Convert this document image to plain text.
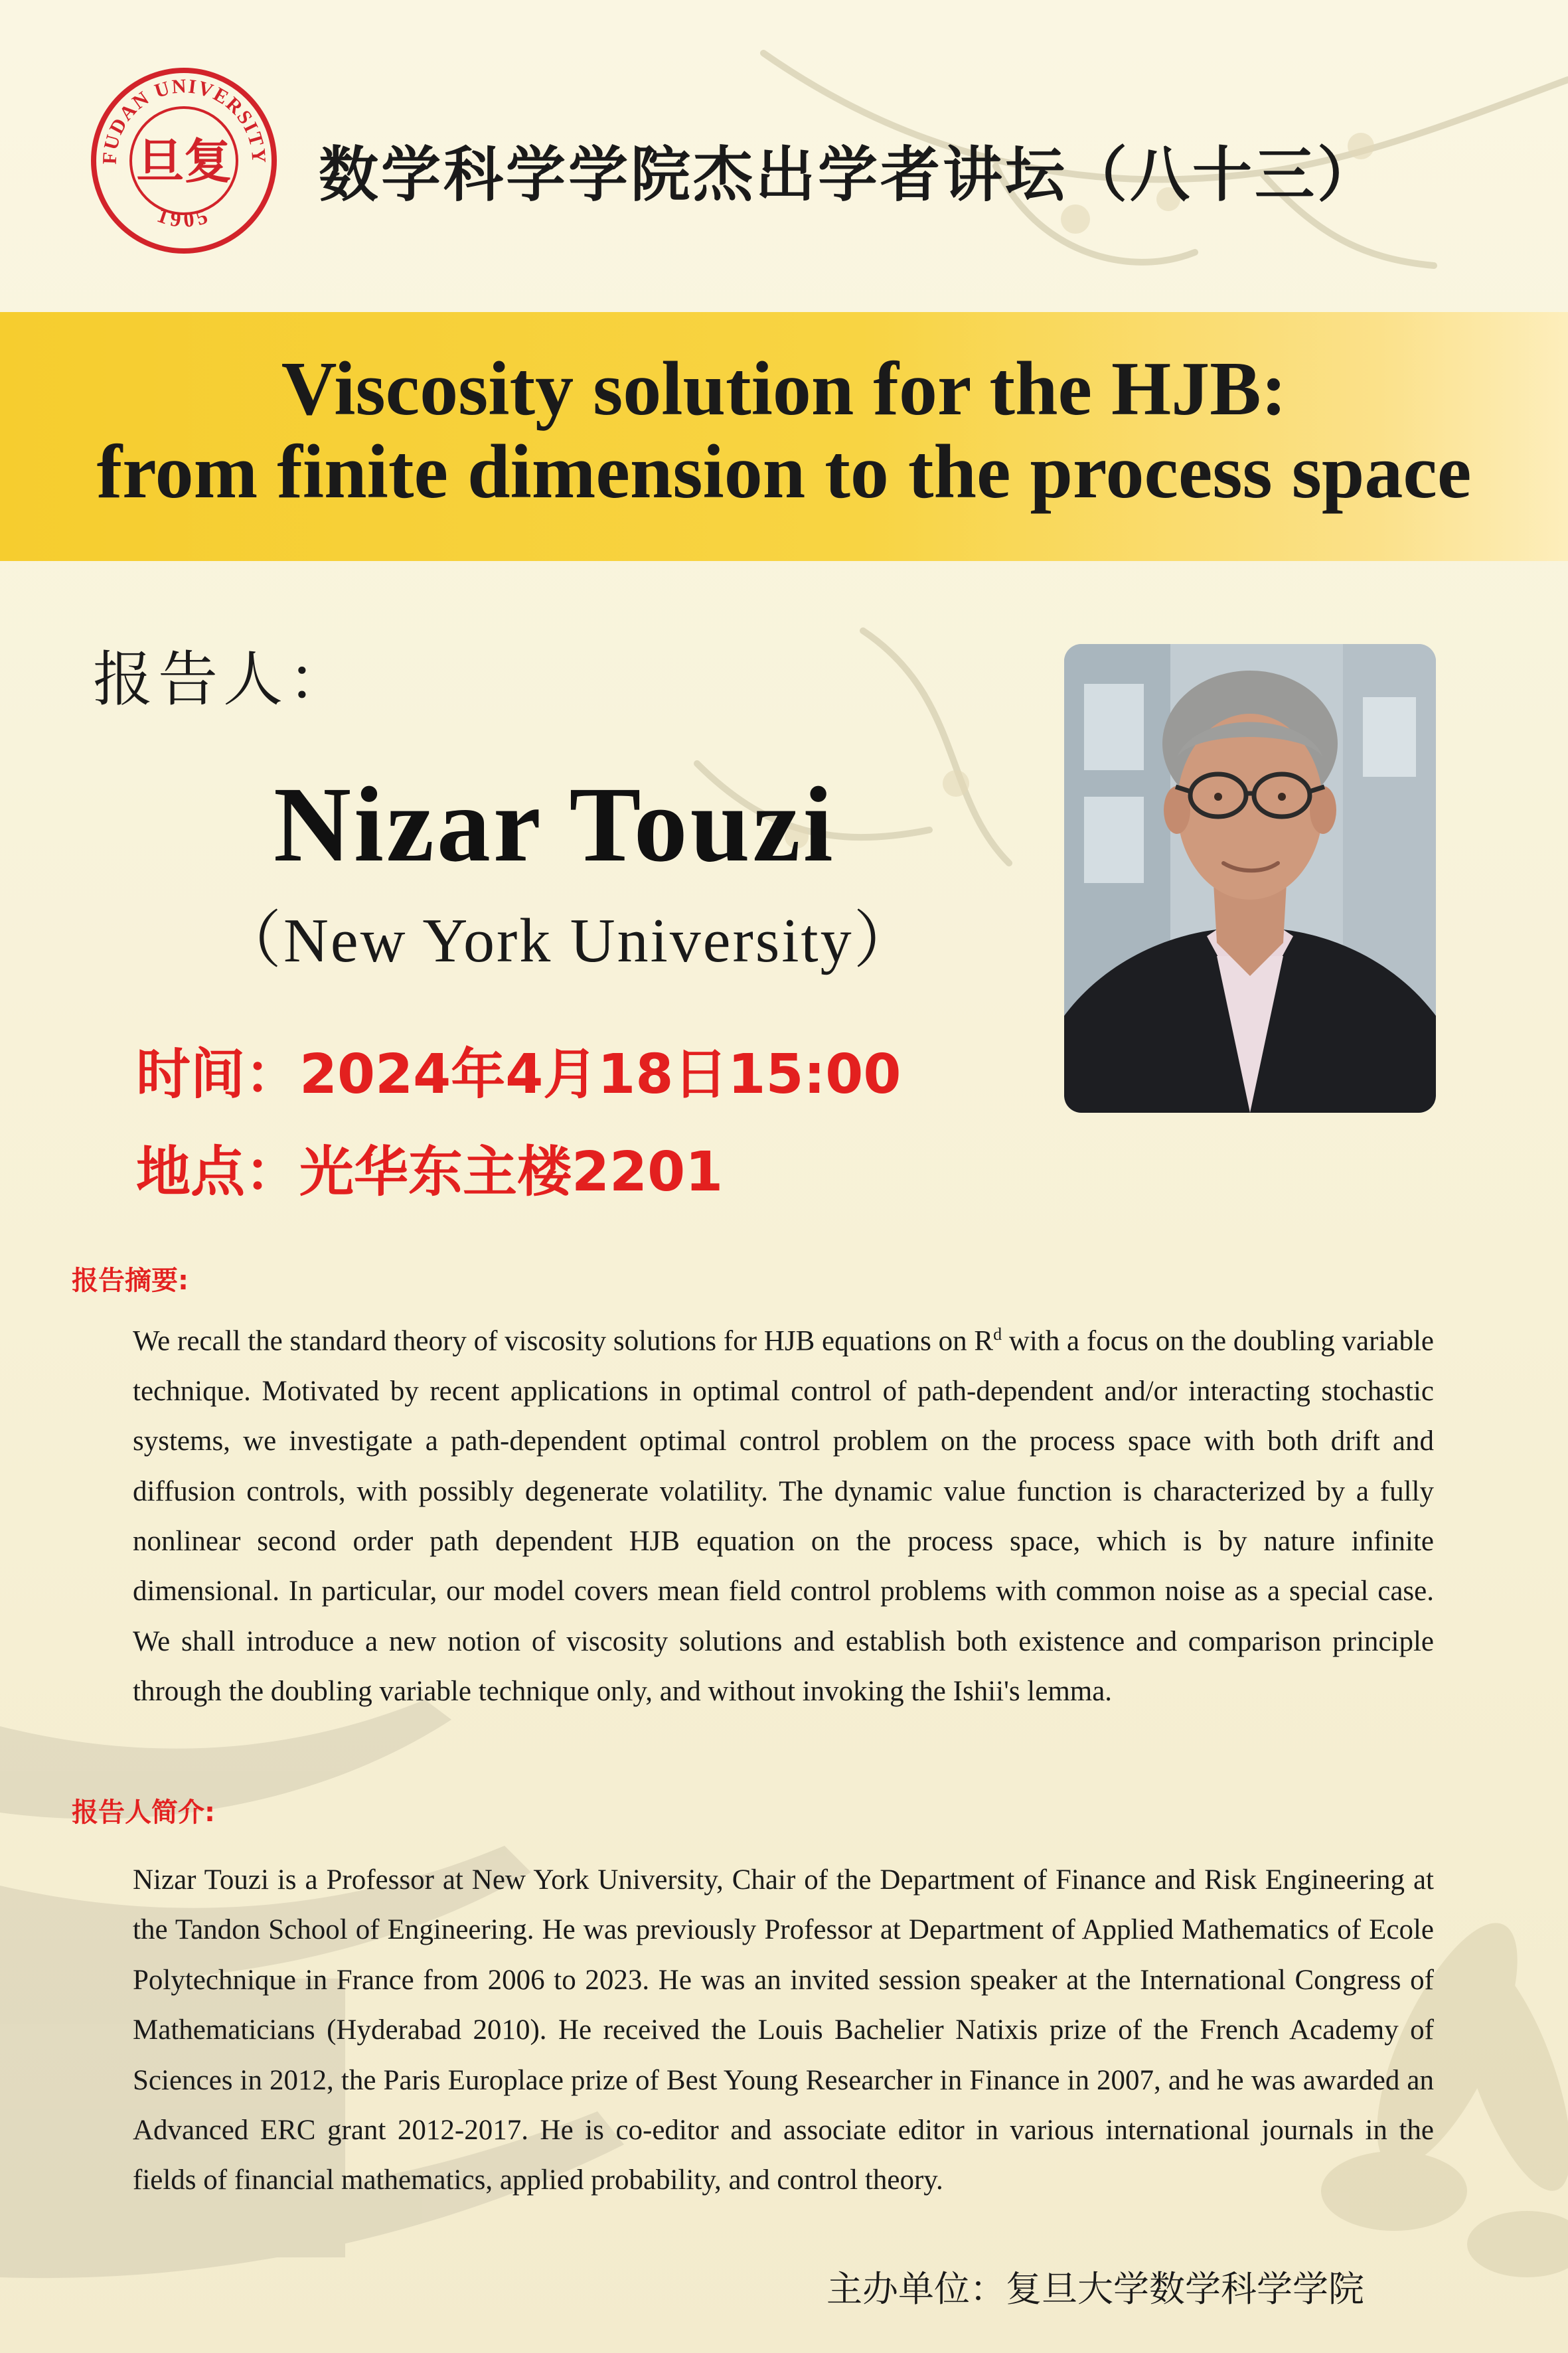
FUDAN UNIVERSITY
1905
旦复 数学科学学院杰出学者讲坛（八十三）
Viscosity solution for the HJB:
from finite dimension to the process space
报告人：
Nizar Touzi
（New York University）
时间：2024年4月18日15:00
地点：光华东主楼2201
报告摘要:

We recall the standard theory of viscosity solutions for HJB equations on $R^d$ with a focus on the doubling variable technique. Motivated by recent applications in optimal control of path-dependent and/or interacting stochastic systems, we investigate a path-dependent optimal control problem on the process space with both drift and diffusion controls, with possibly degenerate volatility. The dynamic value function is characterized by a fully nonlinear second order path dependent HJB equation on the process space, which is by nature infinite dimensional. In particular, our model covers mean field control problems with common noise as a special case. We shall introduce a new notion of viscosity solutions and establish both existence and comparison principle through the doubling variable technique only, and without invoking the Ishii's lemma.

报告人简介:

Nizar Touzi is a Professor at New York University, Chair of the Department of Finance and Risk Engineering at the Tandon School of Engineering. He was previously Professor at Department of Applied Mathematics of Ecole Polytechnique in France from 2006 to 2023. He was an invited session speaker at the International Congress of Mathematicians (Hyderabad 2010). He received the Louis Bachelier Natixis prize of the French Academy of Sciences in 2012, the Paris Europlace prize of Best Young Researcher in Finance in 2007, and he was awarded an Advanced ERC grant 2012-2017. He is co-editor and associate editor in various international journals in the fields of financial mathematics, applied probability, and control theory.

主办单位：复旦大学数学科学学院
